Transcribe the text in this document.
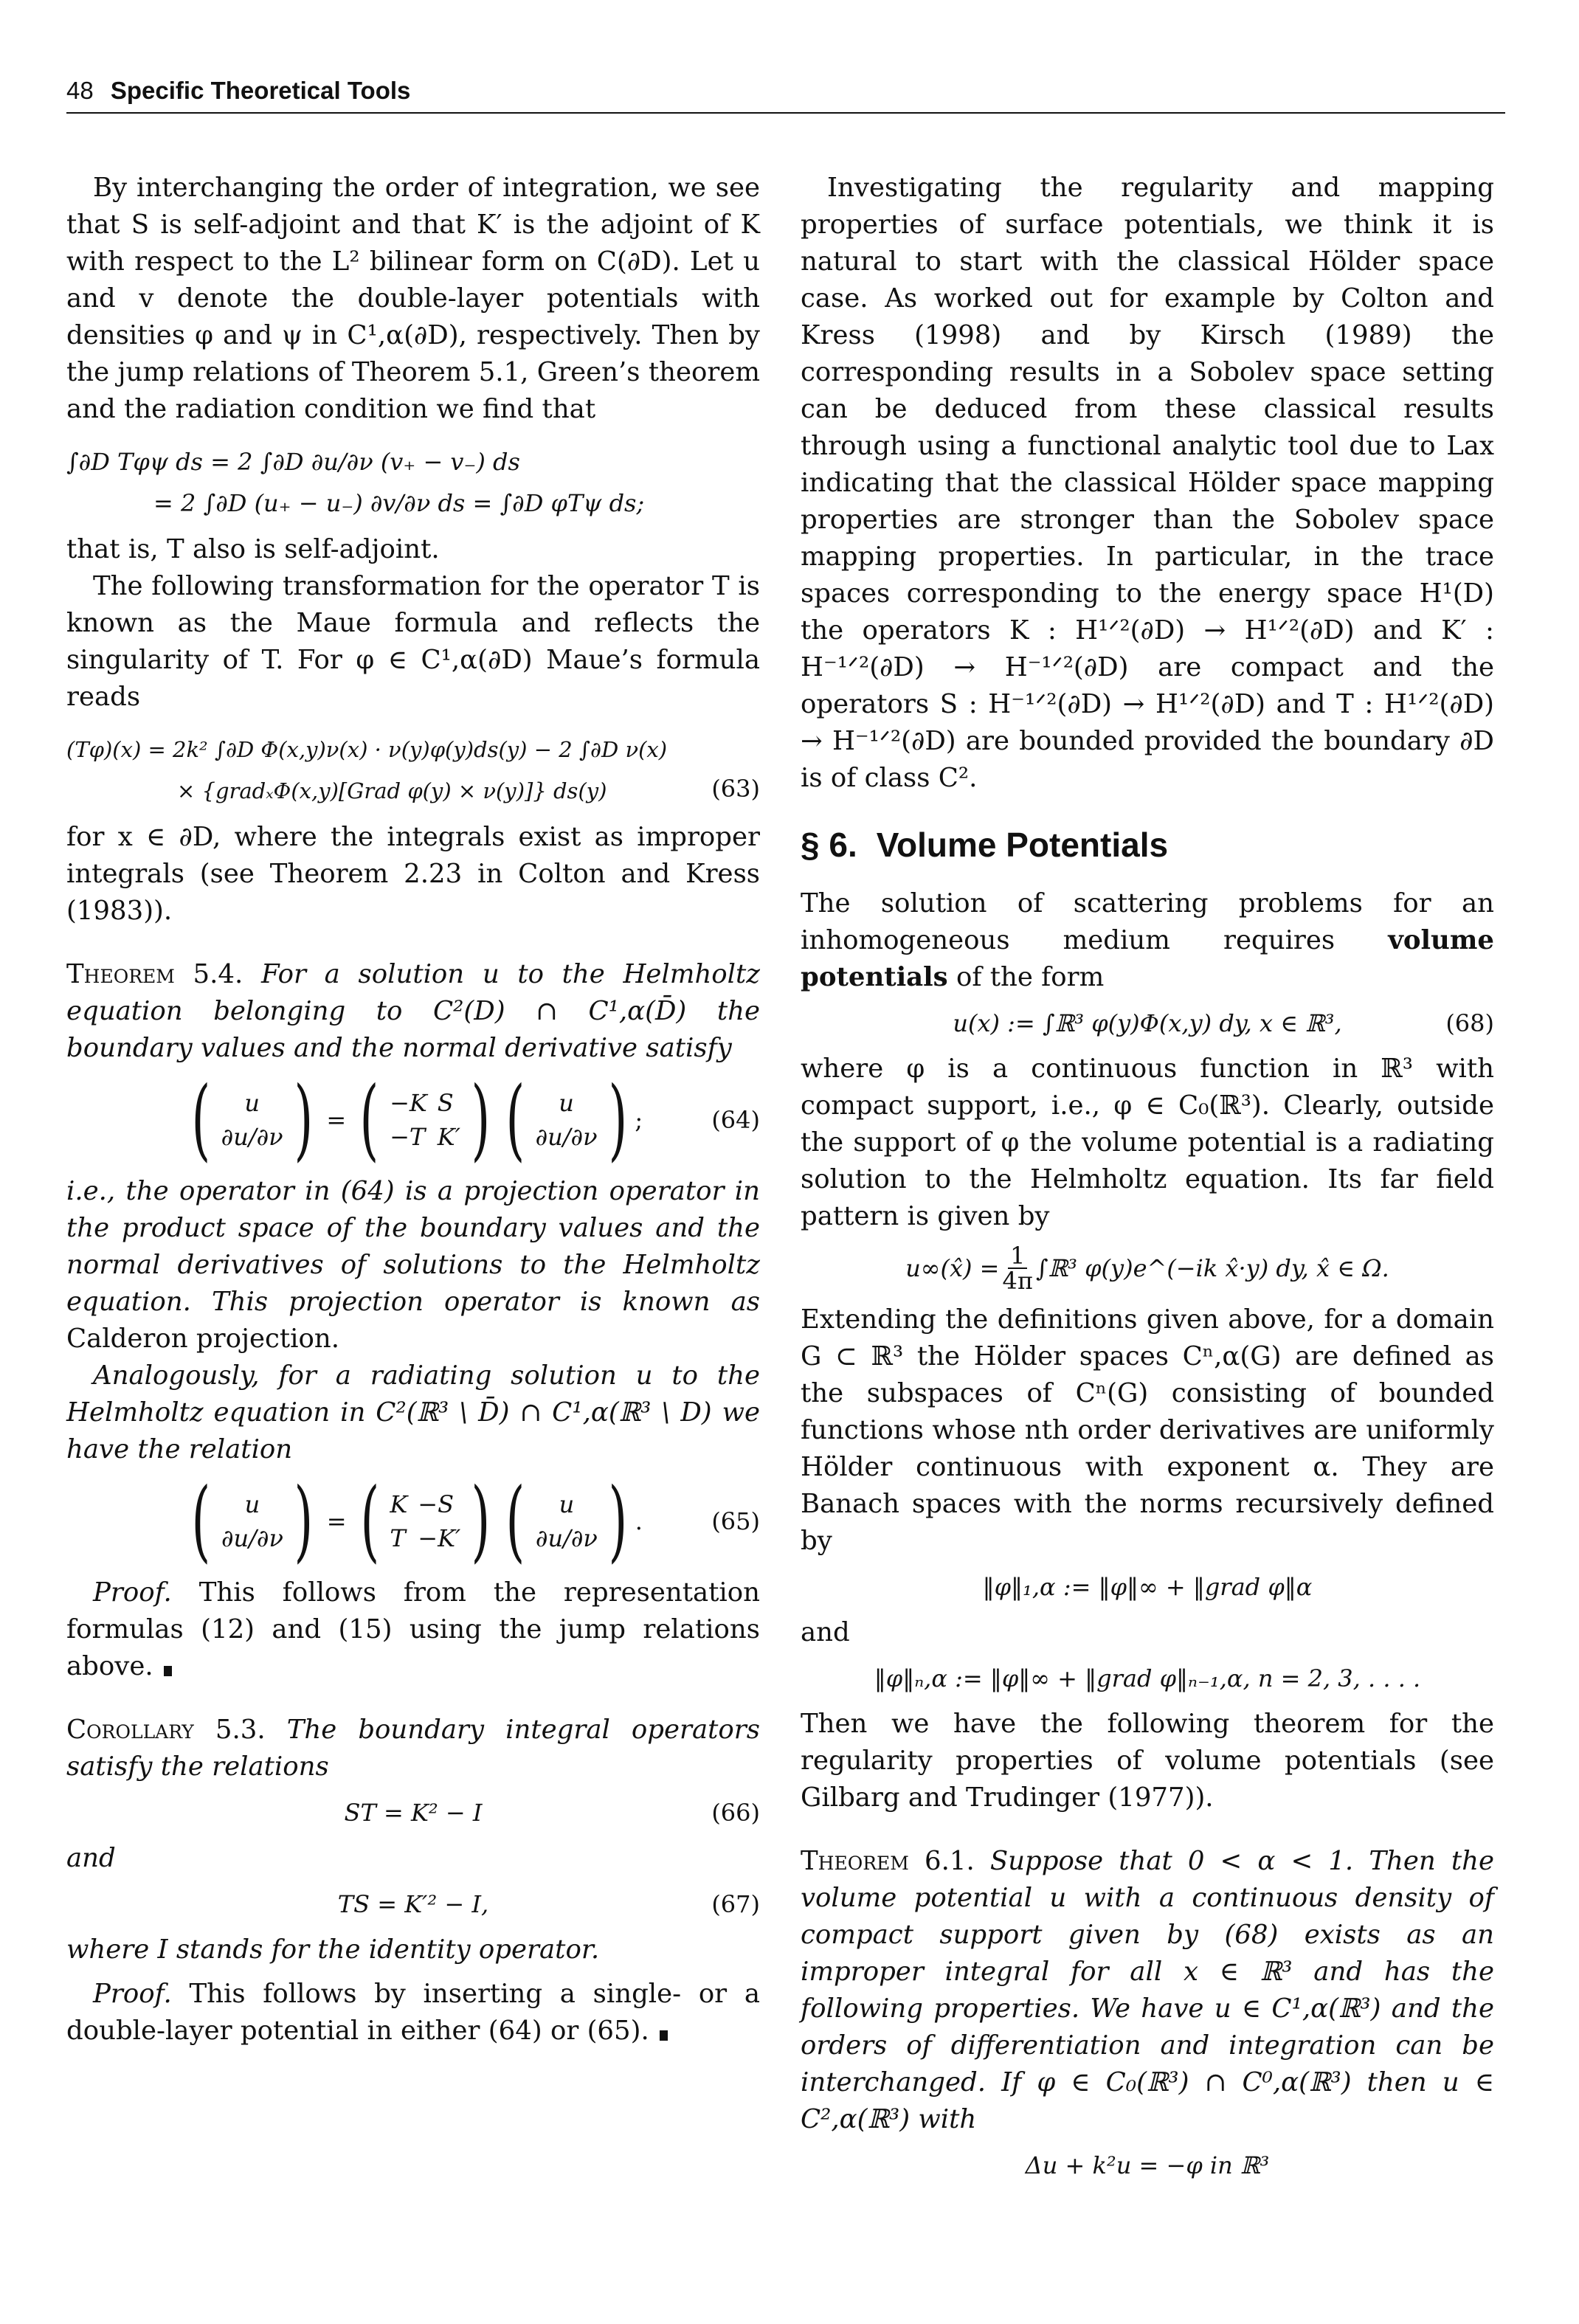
48 Specific Theoretical Tools

By interchanging the order of integration, we see that S is self-adjoint and that K′ is the adjoint of K with respect to the L² bilinear form on C(∂D). Let u and v denote the double-layer potentials with densities φ and ψ in C¹,α(∂D), respectively. Then by the jump relations of Theorem 5.1, Green’s theorem and the radiation condition we find that

∫∂D Tφψ ds = 2 ∫∂D ∂u/∂ν (v₊ − v₋) ds
= 2 ∫∂D (u₊ − u₋) ∂v/∂ν ds = ∫∂D φTψ ds;

that is, T also is self-adjoint.

The following transformation for the operator T is known as the Maue formula and reflects the singularity of T. For φ ∈ C¹,α(∂D) Maue’s formula reads

(Tφ)(x) = 2k² ∫∂D Φ(x,y)ν(x) · ν(y)φ(y)ds(y) − 2 ∫∂D ν(x)
× {gradₓΦ(x,y)[Grad φ(y) × ν(y)]} ds(y)	(63)

for x ∈ ∂D, where the integrals exist as improper integrals (see Theorem 2.23 in Colton and Kress (1983)).

Theorem 5.4. For a solution u to the Helmholtz equation belonging to C²(D) ∩ C¹,α(D̄) the boundary values and the normal derivative satisfy

( u
∂u/∂ν ) = ( −K S
−T K′ ) ( u
∂u/∂ν ) ;	(64)

i.e., the operator in (64) is a projection operator in the product space of the boundary values and the normal derivatives of solutions to the Helmholtz equation. This projection operator is known as Calderon projection.

Analogously, for a radiating solution u to the Helmholtz equation in C²(ℝ³ \ D̄) ∩ C¹,α(ℝ³ \ D) we have the relation

( u
∂u/∂ν ) = ( K −S
T −K′ ) ( u
∂u/∂ν ) .	(65)

Proof. This follows from the representation formulas (12) and (15) using the jump relations above.

Corollary 5.3. The boundary integral operators satisfy the relations

ST = K² − I	(66)

and

TS = K′² − I,	(67)

where I stands for the identity operator.

Proof. This follows by inserting a single- or a double-layer potential in either (64) or (65).

Investigating the regularity and mapping properties of surface potentials, we think it is natural to start with the classical Hölder space case. As worked out for example by Colton and Kress (1998) and by Kirsch (1989) the corresponding results in a Sobolev space setting can be deduced from these classical results through using a functional analytic tool due to Lax indicating that the classical Hölder space mapping properties are stronger than the Sobolev space mapping properties. In particular, in the trace spaces corresponding to the energy space H¹(D) the operators K : H¹ᐟ²(∂D) → H¹ᐟ²(∂D) and K′ : H⁻¹ᐟ²(∂D) → H⁻¹ᐟ²(∂D) are compact and the operators S : H⁻¹ᐟ²(∂D) → H¹ᐟ²(∂D) and T : H¹ᐟ²(∂D) → H⁻¹ᐟ²(∂D) are bounded provided the boundary ∂D is of class C².

§ 6. Volume Potentials

The solution of scattering problems for an inhomogeneous medium requires volume potentials of the form

u(x) := ∫ℝ³ φ(y)Φ(x,y) dy, x ∈ ℝ³,	(68)

where φ is a continuous function in ℝ³ with compact support, i.e., φ ∈ C₀(ℝ³). Clearly, outside the support of φ the volume potential is a radiating solution to the Helmholtz equation. Its far field pattern is given by

u∞(x̂) = $\frac{1}{4\pi}$ ∫ℝ³ φ(y)e^(−ik x̂·y) dy, x̂ ∈ Ω.

Extending the definitions given above, for a domain G ⊂ ℝ³ the Hölder spaces Cⁿ,α(G) are defined as the subspaces of Cⁿ(G) consisting of bounded functions whose nth order derivatives are uniformly Hölder continuous with exponent α. They are Banach spaces with the norms recursively defined by

‖φ‖₁,α := ‖φ‖∞ + ‖grad φ‖α

and

‖φ‖ₙ,α := ‖φ‖∞ + ‖grad φ‖ₙ₋₁,α, n = 2, 3, . . . .

Then we have the following theorem for the regularity properties of volume potentials (see Gilbarg and Trudinger (1977)).

Theorem 6.1. Suppose that 0 < α < 1. Then the volume potential u with a continuous density of compact support given by (68) exists as an improper integral for all x ∈ ℝ³ and has the following properties. We have u ∈ C¹,α(ℝ³) and the orders of differentiation and integration can be interchanged. If φ ∈ C₀(ℝ³) ∩ C⁰,α(ℝ³) then u ∈ C²,α(ℝ³) with

Δu + k²u = −φ in ℝ³
